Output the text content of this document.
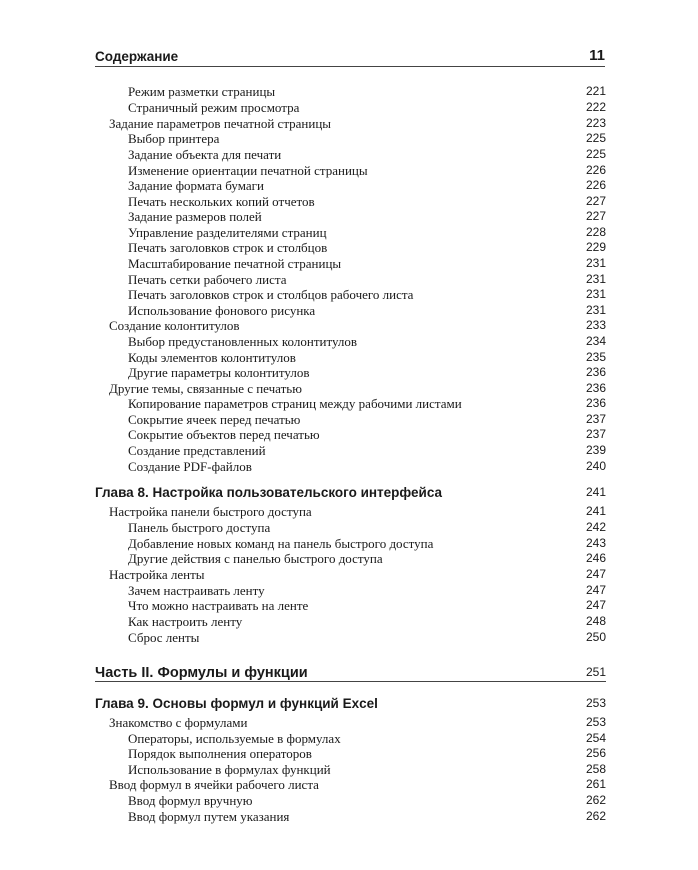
Содержание	11
Режим разметки страницы	221
Страничный режим просмотра	222
Задание параметров печатной страницы	223
Выбор принтера	225
Задание объекта для печати	225
Изменение ориентации печатной страницы	226
Задание формата бумаги	226
Печать нескольких копий отчетов	227
Задание размеров полей	227
Управление разделителями страниц	228
Печать заголовков строк и столбцов	229
Масштабирование печатной страницы	231
Печать сетки рабочего листа	231
Печать заголовков строк и столбцов рабочего листа	231
Использование фонового рисунка	231
Создание колонтитулов	233
Выбор предустановленных колонтитулов	234
Коды элементов колонтитулов	235
Другие параметры колонтитулов	236
Другие темы, связанные с печатью	236
Копирование параметров страниц между рабочими листами	236
Сокрытие ячеек перед печатью	237
Сокрытие объектов перед печатью	237
Создание представлений	239
Создание PDF-файлов	240
Глава 8. Настройка пользовательского интерфейса	241
Настройка панели быстрого доступа	241
Панель быстрого доступа	242
Добавление новых команд на панель быстрого доступа	243
Другие действия с панелью быстрого доступа	246
Настройка ленты	247
Зачем настраивать ленту	247
Что можно настраивать на ленте	247
Как настроить ленту	248
Сброс ленты	250
Часть II. Формулы и функции	251
Глава 9. Основы формул и функций Excel	253
Знакомство с формулами	253
Операторы, используемые в формулах	254
Порядок выполнения операторов	256
Использование в формулах функций	258
Ввод формул в ячейки рабочего листа	261
Ввод формул вручную	262
Ввод формул путем указания	262
